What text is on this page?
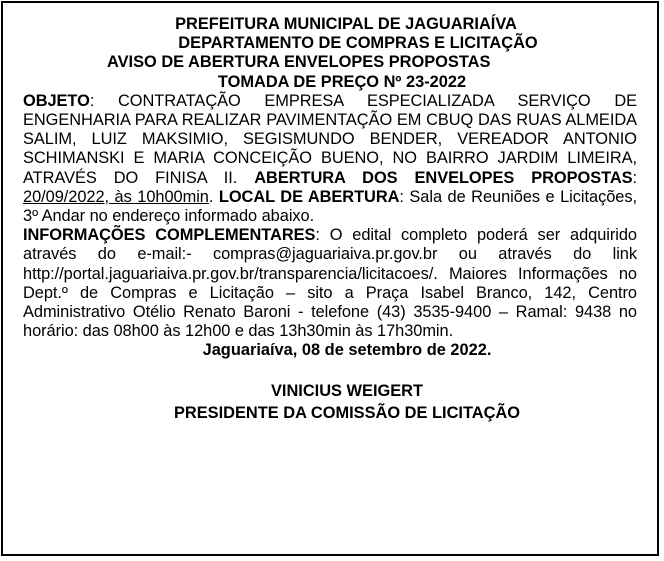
PREFEITURA MUNICIPAL DE JAGUARIAÍVA
DEPARTAMENTO DE COMPRAS E LICITAÇÃO
AVISO DE ABERTURA ENVELOPES PROPOSTAS
TOMADA DE PREÇO Nº 23-2022

OBJETO: CONTRATAÇÃO EMPRESA ESPECIALIZADA SERVIÇO DE ENGENHARIA PARA REALIZAR PAVIMENTAÇÃO EM CBUQ DAS RUAS ALMEIDA SALIM, LUIZ MAKSIMIO, SEGISMUNDO BENDER, VEREADOR ANTONIO SCHIMANSKI E MARIA CONCEIÇÃO BUENO, NO BAIRRO JARDIM LIMEIRA, ATRAVÉS DO FINISA II. ABERTURA DOS ENVELOPES PROPOSTAS: 20/09/2022, às 10h00min. LOCAL DE ABERTURA: Sala de Reuniões e Licitações, 3º Andar no endereço informado abaixo.

INFORMAÇÕES COMPLEMENTARES: O edital completo poderá ser adquirido através do e-mail:- compras@jaguariaiva.pr.gov.br ou através do link http://portal.jaguariaiva.pr.gov.br/transparencia/licitacoes/. Maiores Informações no Dept.º de Compras e Licitação – sito a Praça Isabel Branco, 142, Centro Administrativo Otélio Renato Baroni - telefone (43) 3535-9400 – Ramal: 9438 no horário: das 08h00 às 12h00 e das 13h30min às 17h30min.

Jaguariaíva, 08 de setembro de 2022.
VINICIUS WEIGERT
PRESIDENTE DA COMISSÃO DE LICITAÇÃO
